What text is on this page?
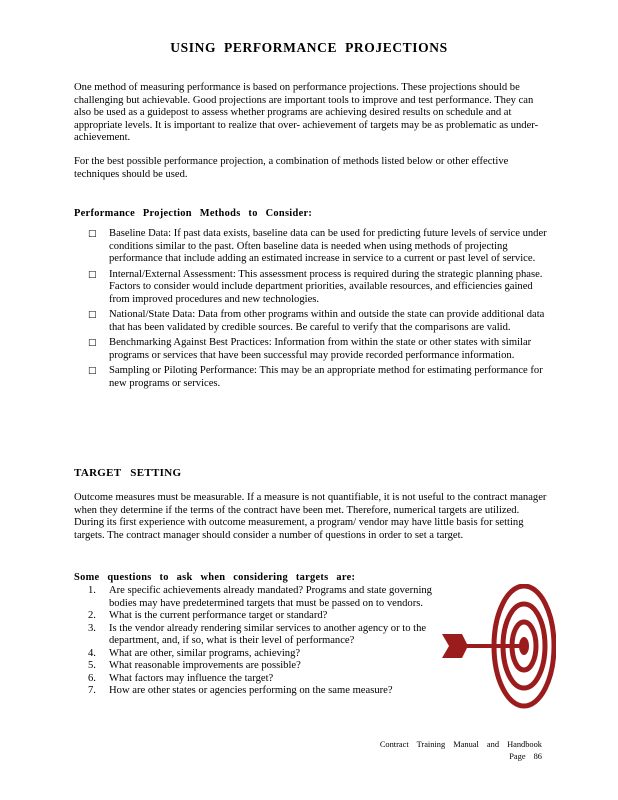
USING PERFORMANCE PROJECTIONS
One method of measuring performance is based on performance projections. These projections should be challenging but achievable. Good projections are important tools to improve and test performance. They can also be used as a guidepost to assess whether programs are achieving desired results on schedule and at appropriate levels. It is important to realize that over- achievement of targets may be as problematic as under-achievement.
For the best possible performance projection, a combination of methods listed below or other effective techniques should be used.
Performance Projection Methods to Consider:
□ Baseline Data: If past data exists, baseline data can be used for predicting future levels of service under conditions similar to the past. Often baseline data is needed when using methods of projecting performance that include adding an estimated increase in service to a current or past level of service.
□ Internal/External Assessment: This assessment process is required during the strategic planning phase. Factors to consider would include department priorities, available resources, and efficiencies gained from improved procedures and new technologies.
□ National/State Data: Data from other programs within and outside the state can provide additional data that has been validated by credible sources. Be careful to verify that the comparisons are valid.
□ Benchmarking Against Best Practices: Information from within the state or other states with similar programs or services that have been successful may provide recorded performance information.
□ Sampling or Piloting Performance: This may be an appropriate method for estimating performance for new programs or services.
TARGET SETTING
Outcome measures must be measurable. If a measure is not quantifiable, it is not useful to the contract manager when they determine if the terms of the contract have been met. Therefore, numerical targets are utilized. During its first experience with outcome measurement, a program/ vendor may have little basis for setting targets. The contract manager should consider a number of questions in order to set a target.
Some questions to ask when considering targets are:
1. Are specific achievements already mandated? Programs and state governing bodies may have predetermined targets that must be passed on to vendors.
2. What is the current performance target or standard?
3. Is the vendor already rendering similar services to another agency or to the department, and, if so, what is their level of performance?
4. What are other, similar programs, achieving?
5. What reasonable improvements are possible?
6. What factors may influence the target?
7. How are other states or agencies performing on the same measure?
Contract Training Manual and Handbook
Page 86
